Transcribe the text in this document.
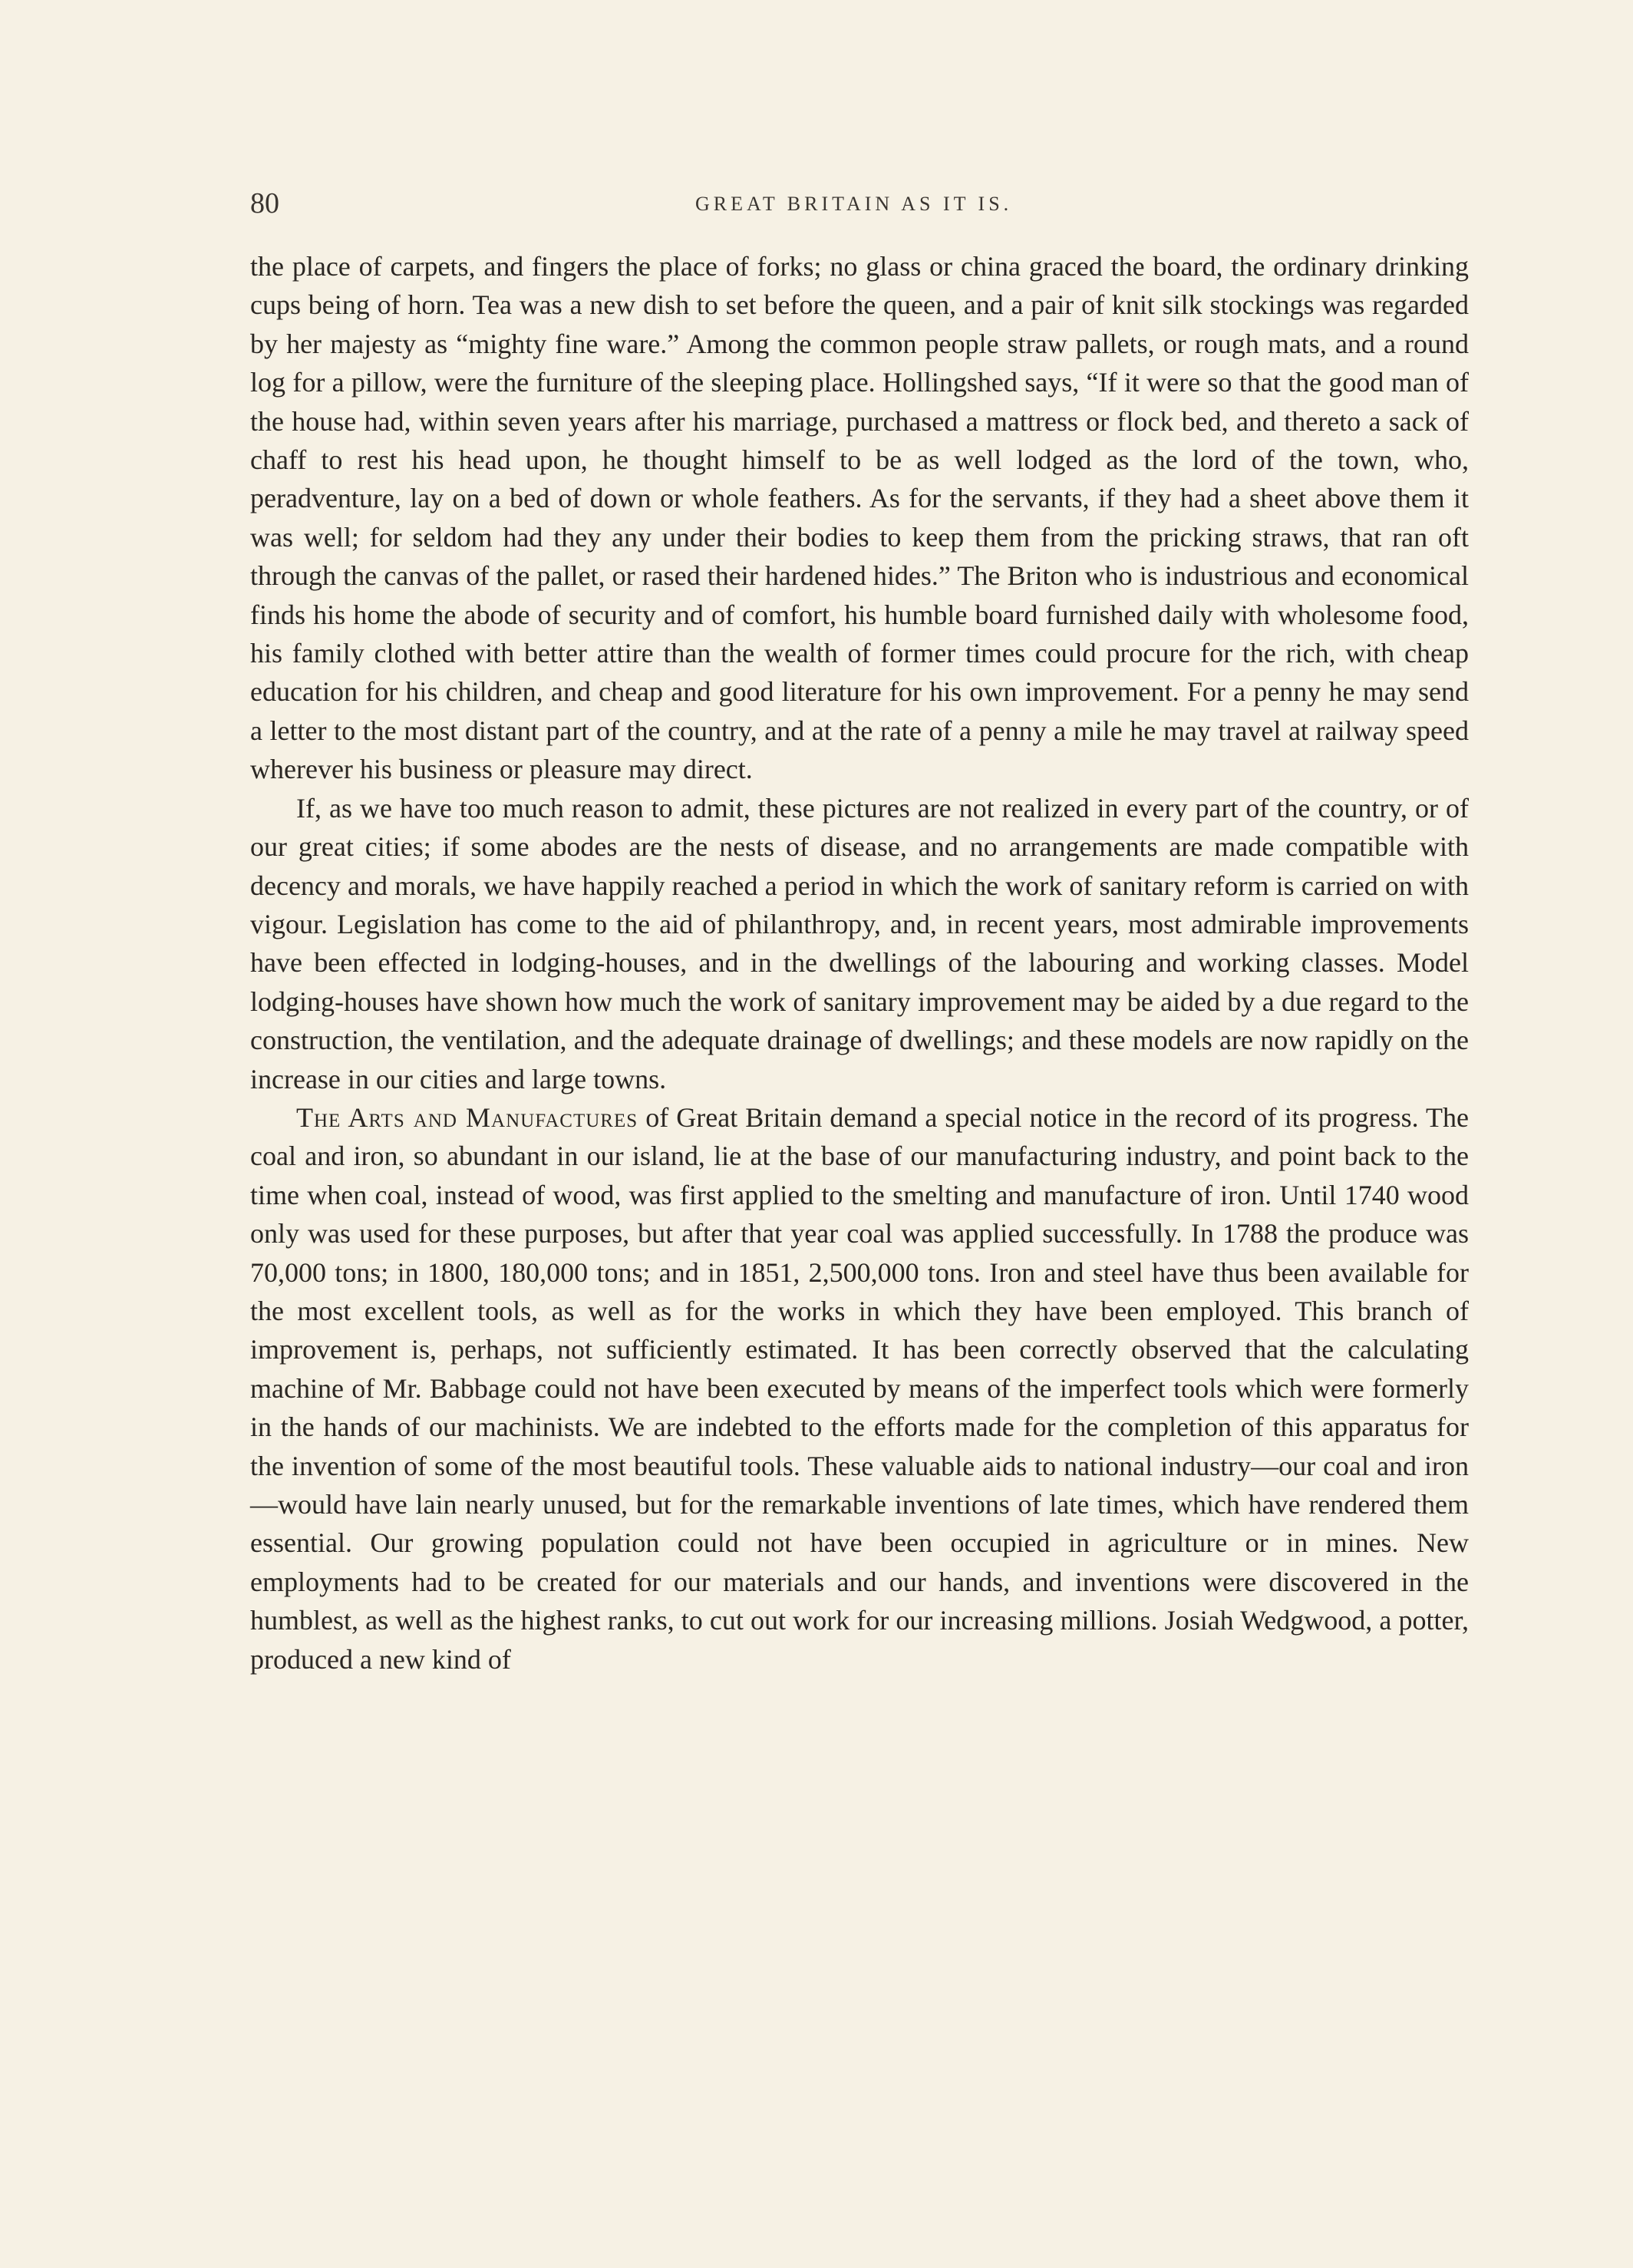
80	GREAT BRITAIN AS IT IS.

the place of carpets, and fingers the place of forks; no glass or china graced the board, the ordinary drinking cups being of horn. Tea was a new dish to set before the queen, and a pair of knit silk stockings was regarded by her majesty as “mighty fine ware.” Among the common people straw pallets, or rough mats, and a round log for a pillow, were the furniture of the sleeping place. Hollingshed says, “If it were so that the good man of the house had, within seven years after his marriage, purchased a mattress or flock bed, and thereto a sack of chaff to rest his head upon, he thought himself to be as well lodged as the lord of the town, who, peradventure, lay on a bed of down or whole feathers. As for the servants, if they had a sheet above them it was well; for seldom had they any under their bodies to keep them from the pricking straws, that ran oft through the canvas of the pallet, or rased their hardened hides.” The Briton who is industrious and economical finds his home the abode of security and of comfort, his humble board furnished daily with wholesome food, his family clothed with better attire than the wealth of former times could procure for the rich, with cheap education for his children, and cheap and good literature for his own improvement. For a penny he may send a letter to the most distant part of the country, and at the rate of a penny a mile he may travel at railway speed wherever his business or pleasure may direct.

If, as we have too much reason to admit, these pictures are not realized in every part of the country, or of our great cities; if some abodes are the nests of disease, and no arrangements are made compatible with decency and morals, we have happily reached a period in which the work of sanitary reform is carried on with vigour. Legislation has come to the aid of philanthropy, and, in recent years, most admirable improvements have been effected in lodging-houses, and in the dwellings of the labouring and working classes. Model lodging-houses have shown how much the work of sanitary improvement may be aided by a due regard to the construction, the ventilation, and the adequate drainage of dwellings; and these models are now rapidly on the increase in our cities and large towns.

The Arts and Manufactures of Great Britain demand a special notice in the record of its progress. The coal and iron, so abundant in our island, lie at the base of our manufacturing industry, and point back to the time when coal, instead of wood, was first applied to the smelting and manufacture of iron. Until 1740 wood only was used for these purposes, but after that year coal was applied successfully. In 1788 the produce was 70,000 tons; in 1800, 180,000 tons; and in 1851, 2,500,000 tons. Iron and steel have thus been available for the most excellent tools, as well as for the works in which they have been employed. This branch of improvement is, perhaps, not sufficiently estimated. It has been correctly observed that the calculating machine of Mr. Babbage could not have been executed by means of the imperfect tools which were formerly in the hands of our machinists. We are indebted to the efforts made for the completion of this apparatus for the invention of some of the most beautiful tools. These valuable aids to national industry—our coal and iron—would have lain nearly unused, but for the remarkable inventions of late times, which have rendered them essential. Our growing population could not have been occupied in agriculture or in mines. New employments had to be created for our materials and our hands, and inventions were discovered in the humblest, as well as the highest ranks, to cut out work for our increasing millions. Josiah Wedgwood, a potter, produced a new kind of
